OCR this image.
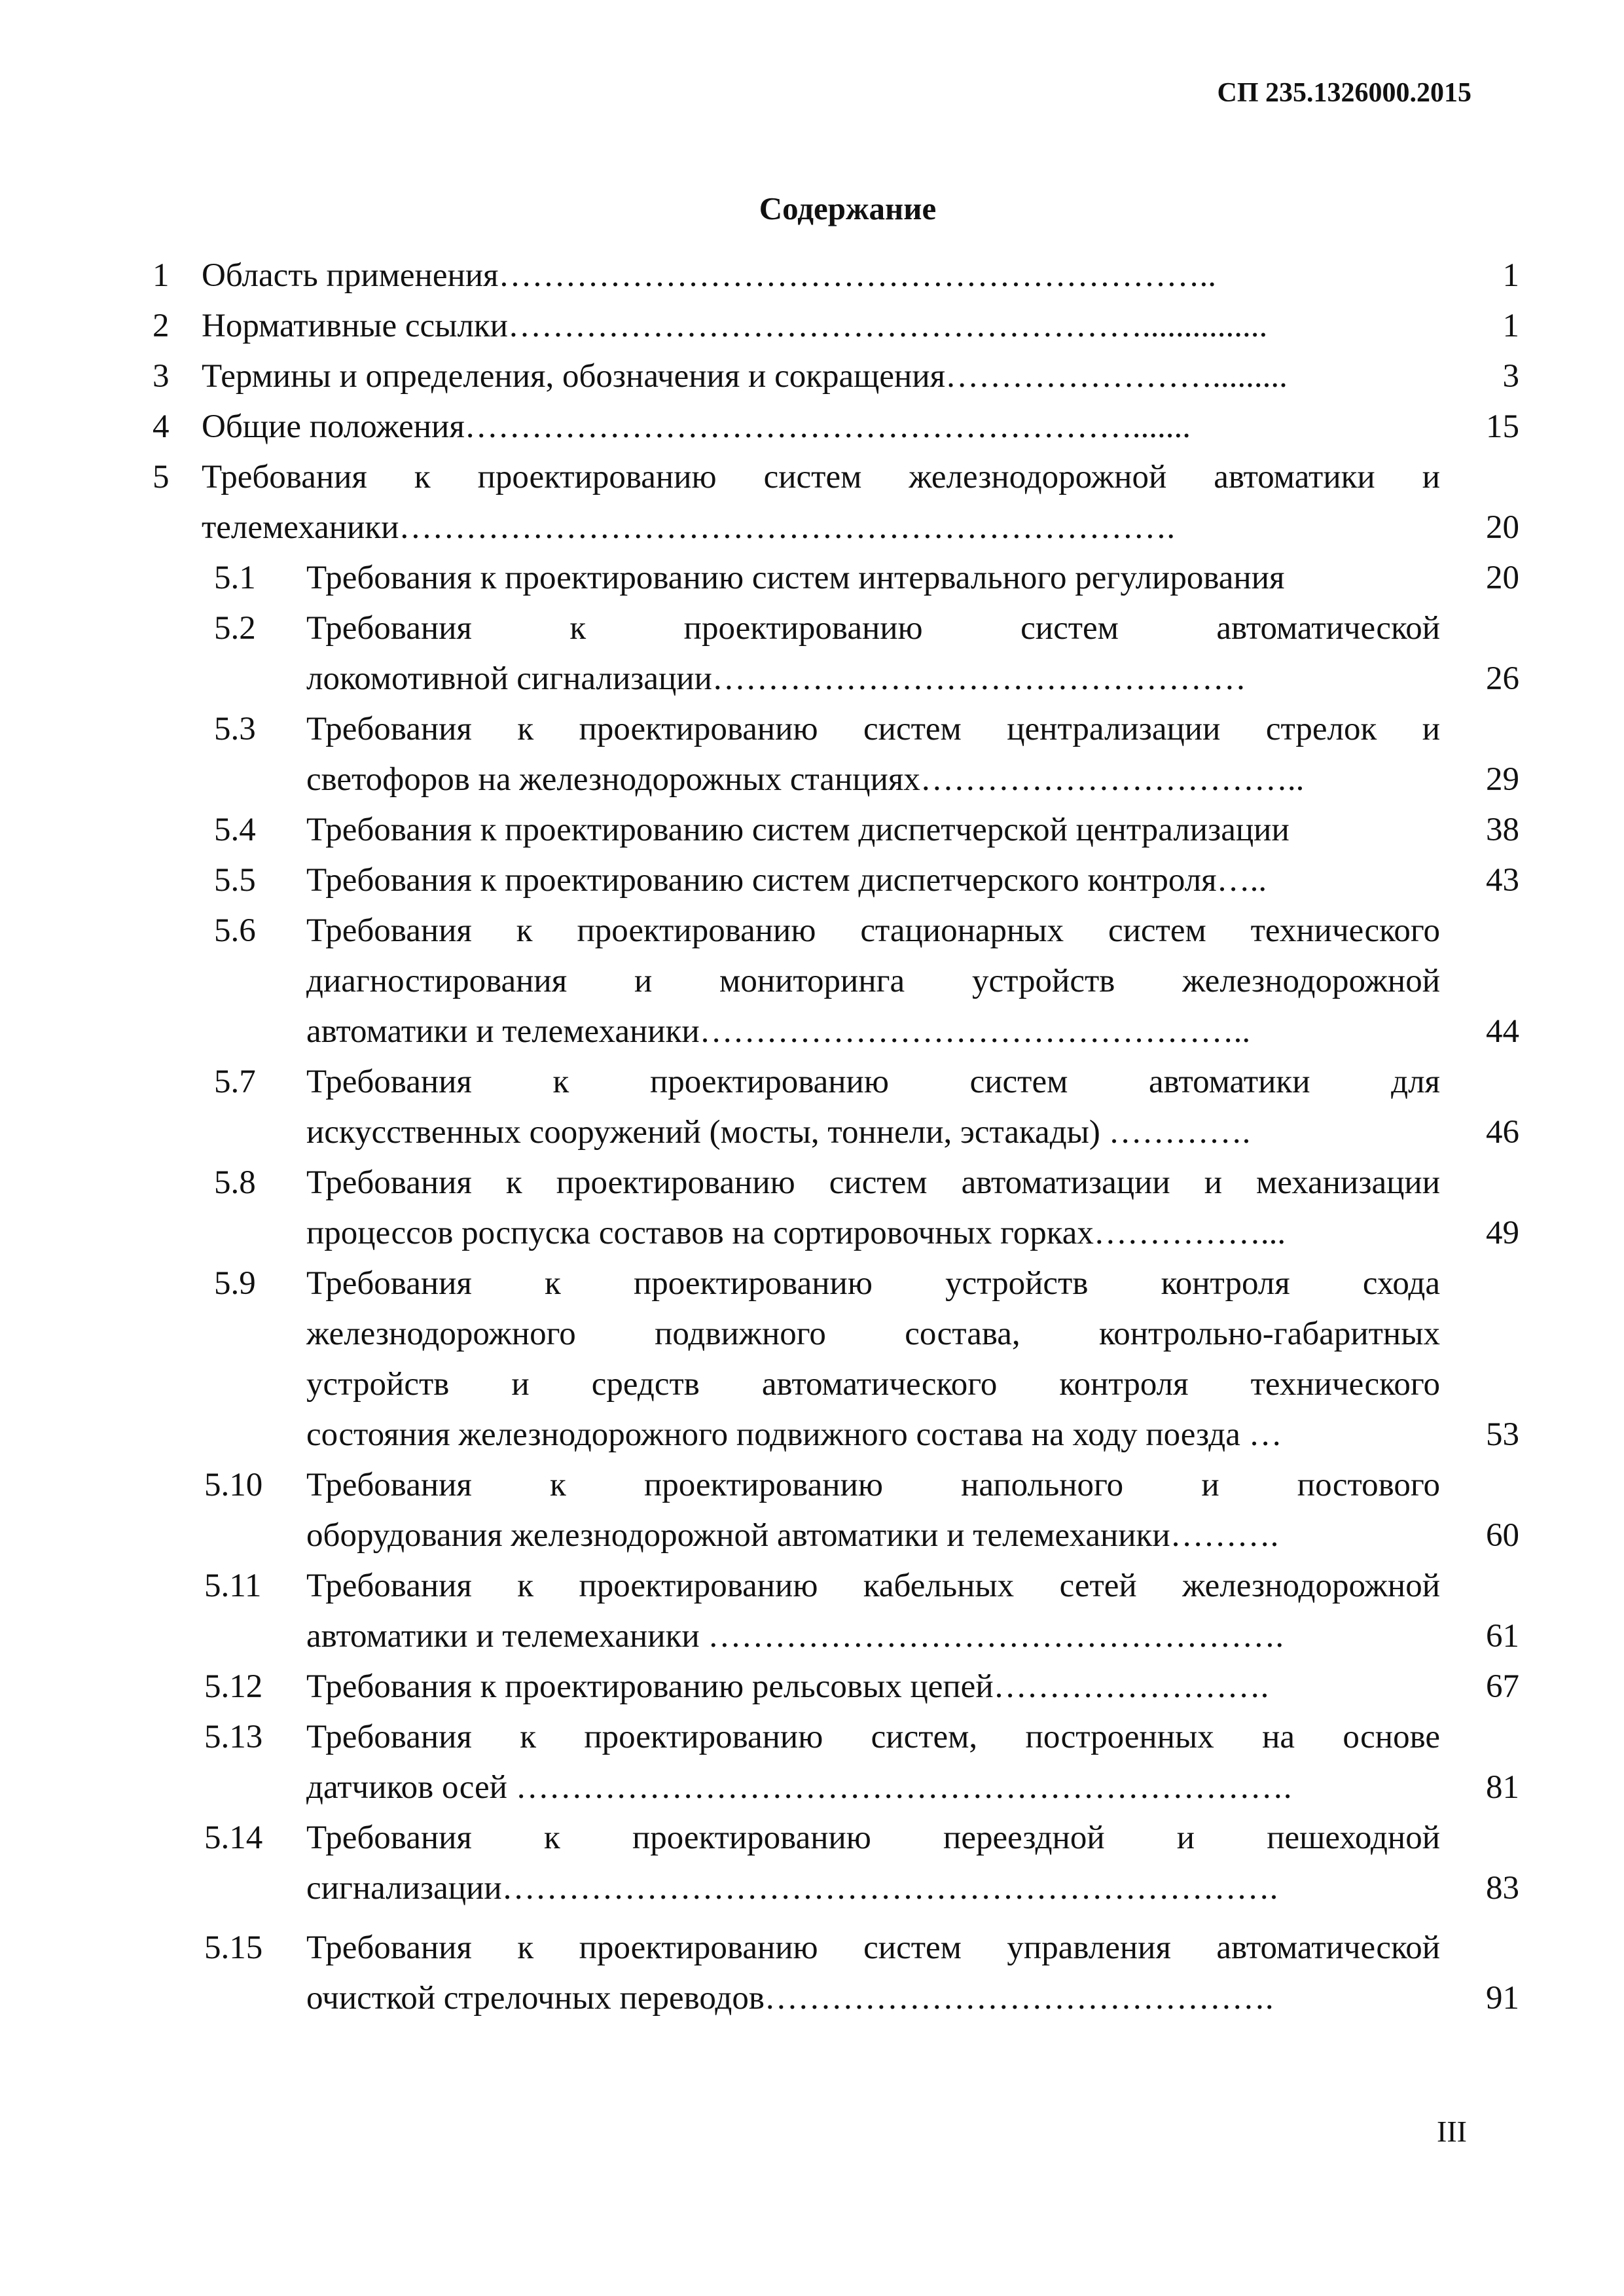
СП 235.1326000.2015
Содержание
1 Область применения………………………………………………………..	1
2 Нормативные ссылки…………………………………………………...............	1
3 Термины и определения, обозначения и сокращения…………………….........	3
4 Общие положения…………………………………………………….......	15
5 Требования к проектированию систем железнодорожной автоматики и
телемеханики…………………………………………………………….	20
5.1 Требования к проектированию систем интервального регулирования	20
5.2 Требования к проектированию систем автоматической
локомотивной сигнализации…………………………………………	26
5.3 Требования к проектированию систем централизации стрелок и
светофоров на железнодорожных станциях……………………………..	29
5.4 Требования к проектированию систем диспетчерской централизации	38
5.5 Требования к проектированию систем диспетчерского контроля…..	43
5.6 Требования к проектированию стационарных систем технического
диагностирования и мониторинга устройств железнодорожной
автоматики и телемеханики…………………………………………..	44
5.7 Требования к проектированию систем автоматики для
искусственных сооружений (мосты, тоннели, эстакады) ………….	46
5.8 Требования к проектированию систем автоматизации и механизации
процессов роспуска составов на сортировочных горках……………...	49
5.9 Требования к проектированию устройств контроля схода
железнодорожного подвижного состава, контрольно-габаритных
устройств и средств автоматического контроля технического
состояния железнодорожного подвижного состава на ходу поезда …	53
5.10 Требования к проектированию напольного и постового
оборудования железнодорожной автоматики и телемеханики……….	60
5.11 Требования к проектированию кабельных сетей железнодорожной
автоматики и телемеханики …………………………………………….	61
5.12 Требования к проектированию рельсовых цепей…………………….	67
5.13 Требования к проектированию систем, построенных на основе
датчиков осей …………………………………………………………….	81
5.14 Требования к проектированию переездной и пешеходной
сигнализации…………………………………………………………….	83
5.15 Требования к проектированию систем управления автоматической
очисткой стрелочных переводов……………………………………….	91
III
